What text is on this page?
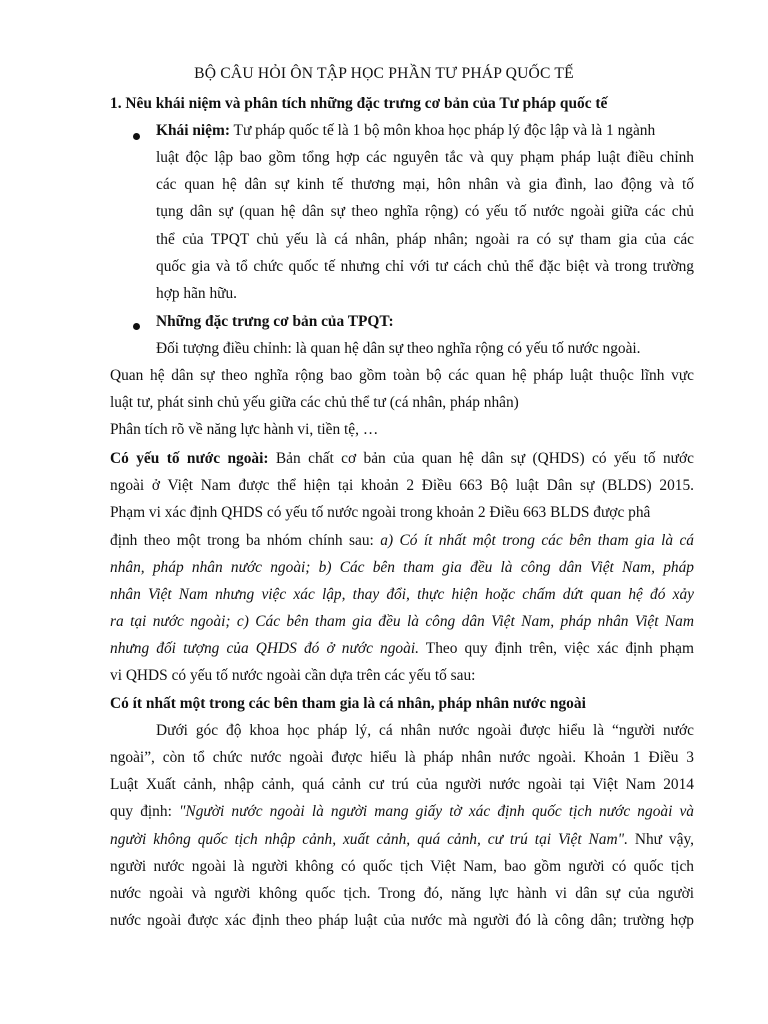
BỘ CÂU HỎI ÔN TẬP HỌC PHẦN TƯ PHÁP QUỐC TẾ
1. Nêu khái niệm và phân tích những đặc trưng cơ bản của Tư pháp quốc tế
Khái niệm: Tư pháp quốc tế là 1 bộ môn khoa học pháp lý độc lập và là 1 ngành
luật độc lập bao gồm tổng hợp các nguyên tắc và quy phạm pháp luật điều chỉnh
các quan hệ dân sự kinh tế thương mại, hôn nhân và gia đình, lao động và tố
tụng dân sự (quan hệ dân sự theo nghĩa rộng) có yếu tố nước ngoài giữa các chủ
thể của TPQT chủ yếu là cá nhân, pháp nhân; ngoài ra có sự tham gia của các
quốc gia và tổ chức quốc tế nhưng chỉ với tư cách chủ thể đặc biệt và trong trường
hợp hãn hữu.
Những đặc trưng cơ bản của TPQT:
Đối tượng điều chỉnh: là quan hệ dân sự theo nghĩa rộng có yếu tố nước ngoài.
Quan hệ dân sự theo nghĩa rộng bao gồm toàn bộ các quan hệ pháp luật thuộc lĩnh vực
luật tư, phát sinh chủ yếu giữa các chủ thể tư (cá nhân, pháp nhân)
Phân tích rõ về năng lực hành vi, tiền tệ, …
Có yếu tố nước ngoài: Bản chất cơ bản của quan hệ dân sự (QHDS) có yếu tố nước
ngoài ở Việt Nam được thể hiện tại khoản 2 Điều 663 Bộ luật Dân sự (BLDS) 2015.
Phạm vi xác định QHDS có yếu tố nước ngoài trong khoản 2 Điều 663 BLDS được phâ
định theo một trong ba nhóm chính sau: a) Có ít nhất một trong các bên tham gia là cá
nhân, pháp nhân nước ngoài; b) Các bên tham gia đều là công dân Việt Nam, pháp
nhân Việt Nam nhưng việc xác lập, thay đổi, thực hiện hoặc chấm dứt quan hệ đó xảy
ra tại nước ngoài; c) Các bên tham gia đều là công dân Việt Nam, pháp nhân Việt Nam
nhưng đối tượng của QHDS đó ở nước ngoài. Theo quy định trên, việc xác định phạm
vi QHDS có yếu tố nước ngoài cần dựa trên các yếu tố sau:
Có ít nhất một trong các bên tham gia là cá nhân, pháp nhân nước ngoài
Dưới góc độ khoa học pháp lý, cá nhân nước ngoài được hiểu là “người nước
ngoài”, còn tổ chức nước ngoài được hiểu là pháp nhân nước ngoài. Khoản 1 Điều 3
Luật Xuất cảnh, nhập cảnh, quá cảnh cư trú của người nước ngoài tại Việt Nam 2014
quy định: "Người nước ngoài là người mang giấy tờ xác định quốc tịch nước ngoài và
người không quốc tịch nhập cảnh, xuất cảnh, quá cảnh, cư trú tại Việt Nam". Như vậy,
người nước ngoài là người không có quốc tịch Việt Nam, bao gồm người có quốc tịch
nước ngoài và người không quốc tịch. Trong đó, năng lực hành vi dân sự của người
nước ngoài được xác định theo pháp luật của nước mà người đó là công dân; trường hợp
